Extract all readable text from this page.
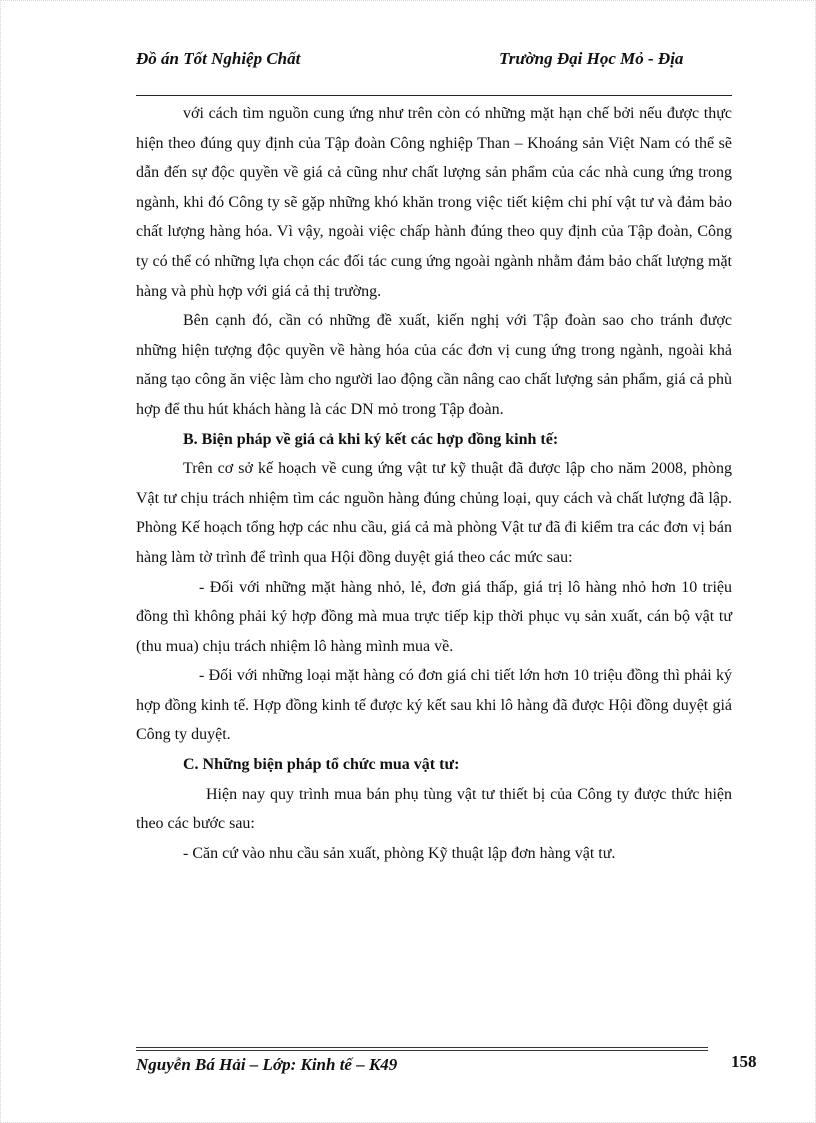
Đồ án Tốt Nghiệp Chất	Trường Đại Học Mỏ - Địa

với cách tìm nguồn cung ứng như trên còn có những mặt hạn chế bởi nếu được thực hiện theo đúng quy định của Tập đoàn Công nghiệp Than – Khoáng sản Việt Nam có thể sẽ dẫn đến sự độc quyền về giá cả cũng như chất lượng sản phẩm của các nhà cung ứng trong ngành, khi đó Công ty sẽ gặp những khó khăn trong việc tiết kiệm chi phí vật tư và đảm bảo chất lượng hàng hóa. Vì vậy, ngoài việc chấp hành đúng theo quy định của Tập đoàn, Công ty có thể có những lựa chọn các đối tác cung ứng ngoài ngành nhằm đảm bảo chất lượng mặt hàng và phù hợp với giá cả thị trường.

Bên cạnh đó, cần có những đề xuất, kiến nghị với Tập đoàn sao cho tránh được những hiện tượng độc quyền về hàng hóa của các đơn vị cung ứng trong ngành, ngoài khả năng tạo công ăn việc làm cho người lao động cần nâng cao chất lượng sản phẩm, giá cả phù hợp để thu hút khách hàng là các DN mỏ trong Tập đoàn.

B. Biện pháp về giá cả khi ký kết các hợp đồng kinh tế:

Trên cơ sở kế hoạch về cung ứng vật tư kỹ thuật đã được lập cho năm 2008, phòng Vật tư chịu trách nhiệm tìm các nguồn hàng đúng chủng loại, quy cách và chất lượng đã lập. Phòng Kế hoạch tổng hợp các nhu cầu, giá cả mà phòng Vật tư đã đi kiểm tra các đơn vị bán hàng làm tờ trình để trình qua Hội đồng duyệt giá theo các mức sau:

- Đối với những mặt hàng nhỏ, lẻ, đơn giá thấp, giá trị lô hàng nhỏ hơn 10 triệu đồng thì không phải ký hợp đồng mà mua trực tiếp kịp thời phục vụ sản xuất, cán bộ vật tư (thu mua) chịu trách nhiệm lô hàng mình mua về.

- Đối với những loại mặt hàng có đơn giá chi tiết lớn hơn 10 triệu đồng thì phải ký hợp đồng kinh tế. Hợp đồng kinh tế được ký kết sau khi lô hàng đã được Hội đồng duyệt giá Công ty duyệt.

C. Những biện pháp tổ chức mua vật tư:

Hiện nay quy trình mua bán phụ tùng vật tư thiết bị của Công ty được thức hiện theo các bước sau:

- Căn cứ vào nhu cầu sản xuất, phòng Kỹ thuật lập đơn hàng vật tư.

Nguyễn Bá Hải – Lớp: Kinh tế – K49	158
